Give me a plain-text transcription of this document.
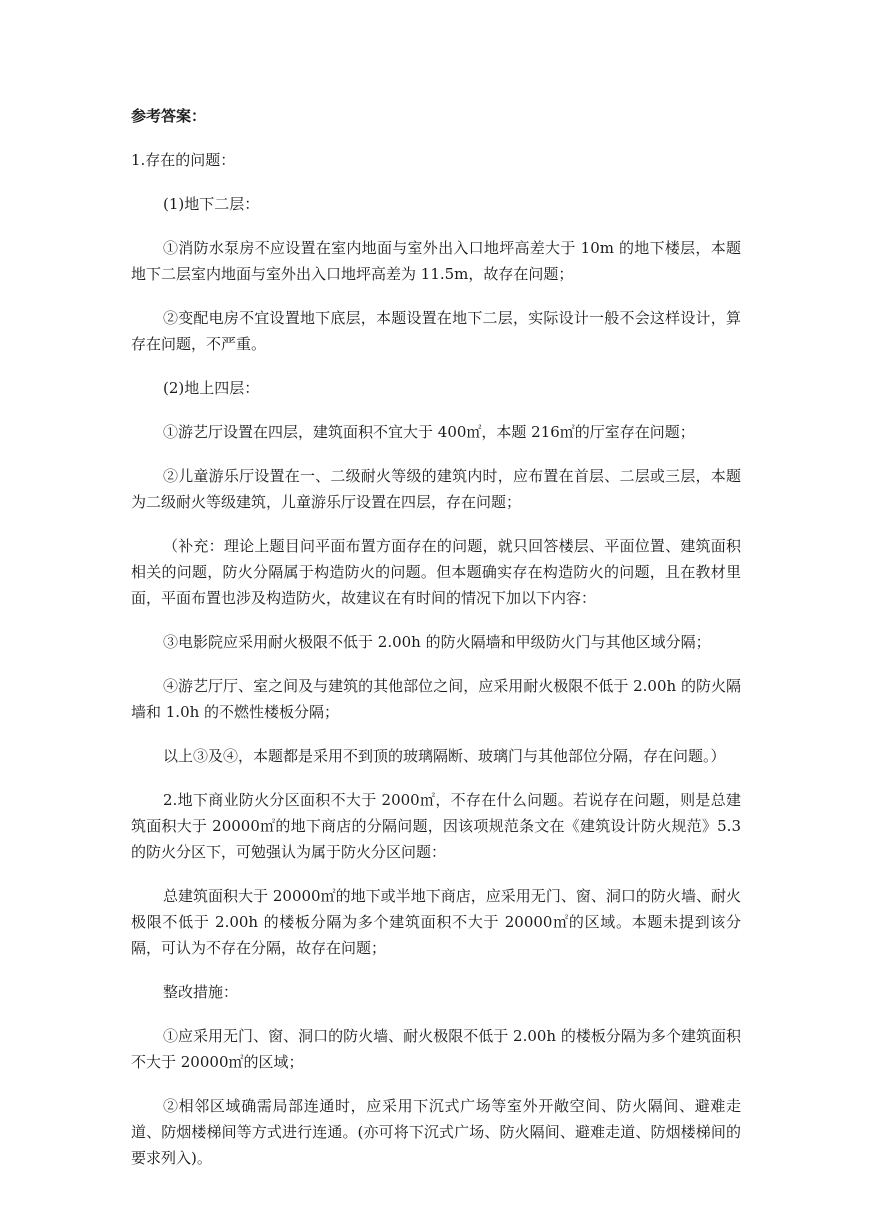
参考答案：

1.存在的问题：

(1)地下二层：

①消防水泵房不应设置在室内地面与室外出入口地坪高差大于 10m 的地下楼层，本题地下二层室内地面与室外出入口地坪高差为 11.5m，故存在问题；

②变配电房不宜设置地下底层，本题设置在地下二层，实际设计一般不会这样设计，算存在问题，不严重。

(2)地上四层：

①游艺厅设置在四层，建筑面积不宜大于 400㎡，本题 216㎡的厅室存在问题；

②儿童游乐厅设置在一、二级耐火等级的建筑内时，应布置在首层、二层或三层，本题为二级耐火等级建筑，儿童游乐厅设置在四层，存在问题；

（补充：理论上题目问平面布置方面存在的问题，就只回答楼层、平面位置、建筑面积相关的问题，防火分隔属于构造防火的问题。但本题确实存在构造防火的问题，且在教材里面，平面布置也涉及构造防火，故建议在有时间的情况下加以下内容：

③电影院应采用耐火极限不低于 2.00h 的防火隔墙和甲级防火门与其他区域分隔；

④游艺厅厅、室之间及与建筑的其他部位之间，应采用耐火极限不低于 2.00h 的防火隔墙和 1.0h 的不燃性楼板分隔；

以上③及④，本题都是采用不到顶的玻璃隔断、玻璃门与其他部位分隔，存在问题。）

2.地下商业防火分区面积不大于 2000㎡，不存在什么问题。若说存在问题，则是总建筑面积大于 20000㎡的地下商店的分隔问题，因该项规范条文在《建筑设计防火规范》5.3 的防火分区下，可勉强认为属于防火分区问题：

总建筑面积大于 20000㎡的地下或半地下商店，应采用无门、窗、洞口的防火墙、耐火极限不低于 2.00h 的楼板分隔为多个建筑面积不大于 20000㎡的区域。本题未提到该分隔，可认为不存在分隔，故存在问题；

整改措施：

①应采用无门、窗、洞口的防火墙、耐火极限不低于 2.00h 的楼板分隔为多个建筑面积不大于 20000㎡的区域；

②相邻区域确需局部连通时，应采用下沉式广场等室外开敞空间、防火隔间、避难走道、防烟楼梯间等方式进行连通。(亦可将下沉式广场、防火隔间、避难走道、防烟楼梯间的要求列入)。
